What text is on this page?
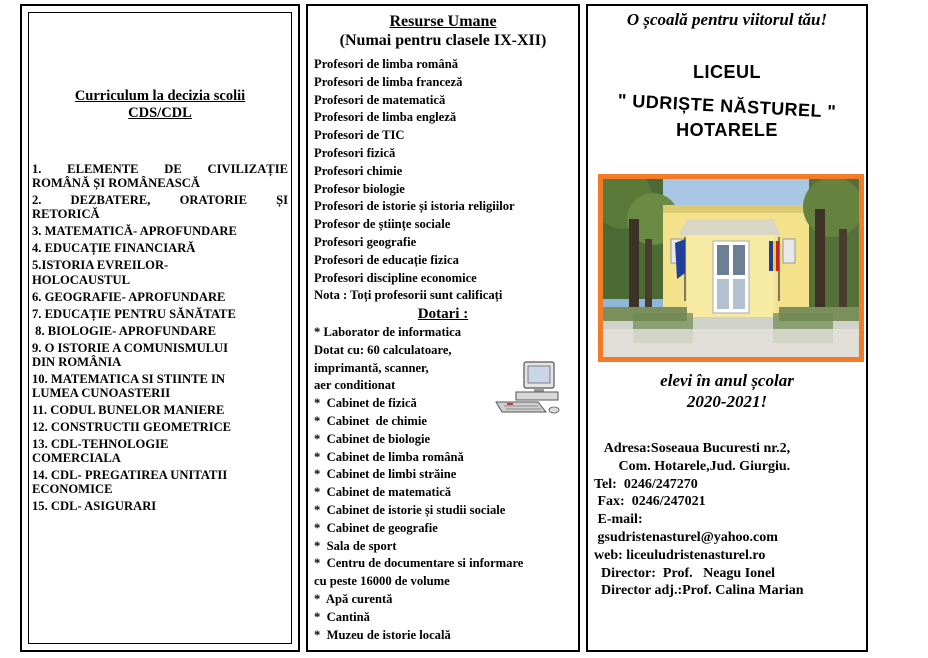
Curriculum la decizia scolii
CDS/CDL
1. ELEMENTE DE CIVILIZAȚIE
ROMÂNĂ ȘI ROMÂNEASCĂ
2. DEZBATERE, ORATORIE ȘI
RETORICĂ
3. MATEMATICĂ- APROFUNDARE
4. EDUCAȚIE FINANCIARĂ
5.ISTORIA EVREILOR-
HOLOCAUSTUL
6. GEOGRAFIE- APROFUNDARE
7. EDUCAȚIE PENTRU SĂNĂTATE
8. BIOLOGIE- APROFUNDARE
9. O ISTORIE A COMUNISMULUI
DIN ROMÂNIA
10. MATEMATICA SI STIINTE IN
LUMEA CUNOASTERII
11. CODUL BUNELOR MANIERE
12. CONSTRUCTII GEOMETRICE
13. CDL-TEHNOLOGIE
COMERCIALA
14. CDL- PREGATIREA UNITATII
ECONOMICE
15. CDL- ASIGURARI
Resurse Umane
(Numai pentru clasele IX-XII)
Profesori de limba română
Profesori de limba franceză
Profesori de matematică
Profesori de limba engleză
Profesori de TIC
Profesori fizică
Profesori chimie
Profesor biologie
Profesori de istorie și istoria religiilor
Profesor de științe sociale
Profesori geografie
Profesori de educație fizica
Profesori discipline economice
Nota : Toți profesorii sunt calificați
Dotari :
* Laborator de informatica
Dotat cu: 60 calculatoare,
imprimantă, scanner,
aer conditionat
*  Cabinet de fizică
*  Cabinet  de chimie
*  Cabinet de biologie
*  Cabinet de limba română
*  Cabinet de limbi străine
*  Cabinet de matematică
*  Cabinet de istorie și studii sociale
*  Cabinet de geografie
*  Sala de sport
*  Centru de documentare si informare
cu peste 16000 de volume
*  Apă curentă
*  Cantină
*  Muzeu de istorie locală
O școală pentru viitorul tău!
LICEUL
" UDRIȘTE NĂSTUREL "
HOTARELE
elevi în anul școlar
2020-2021!
Adresa:Soseaua Bucuresti nr.2,
Com. Hotarele,Jud. Giurgiu.
Tel:  0246/247270
Fax:  0246/247021
E-mail:
gsudristenasturel@yahoo.com
web: liceuludristenasturel.ro
Director:  Prof.   Neagu Ionel
Director adj.:Prof. Calina Marian
